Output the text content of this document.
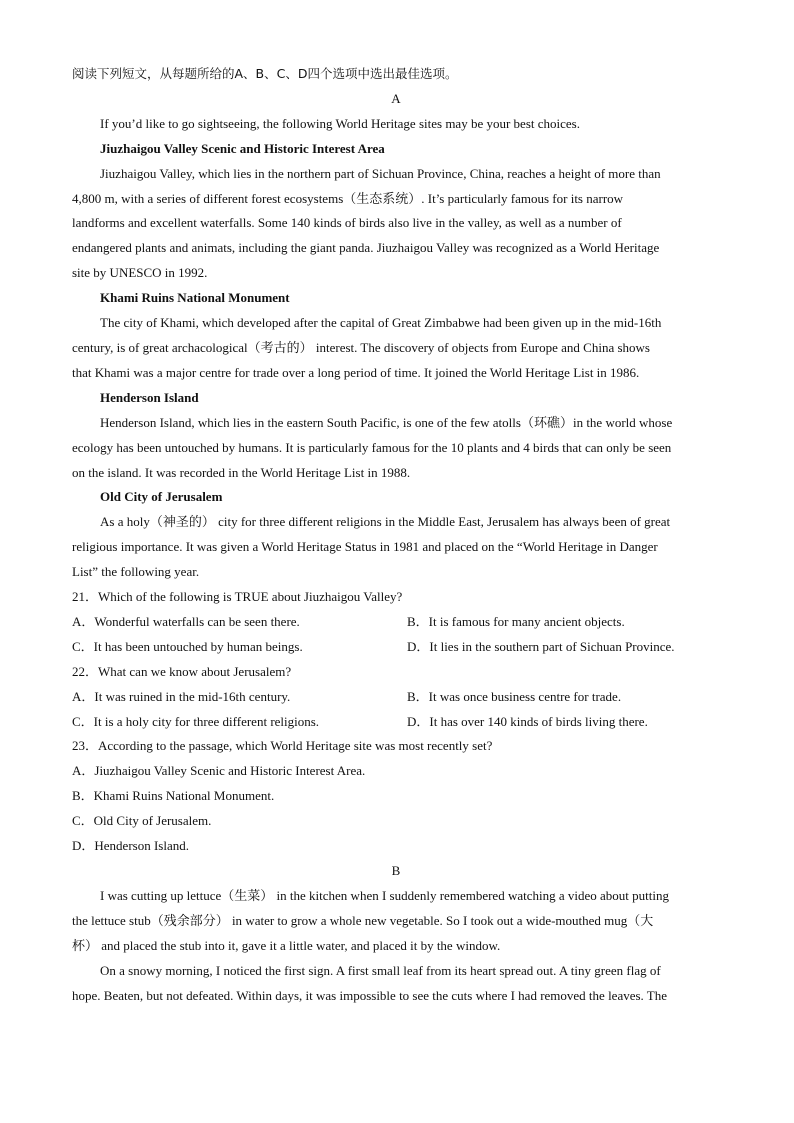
阅读下列短文，从每题所给的A、B、C、D四个选项中选出最佳选项。

A

If you’d like to go sightseeing, the following World Heritage sites may be your best choices.

Jiuzhaigou Valley Scenic and Historic Interest Area

Jiuzhaigou Valley, which lies in the northern part of Sichuan Province, China, reaches a height of more than

4,800 m, with a series of different forest ecosystems（生态系统）. It’s particularly famous for its narrow

landforms and excellent waterfalls. Some 140 kinds of birds also live in the valley, as well as a number of

endangered plants and animats, including the giant panda. Jiuzhaigou Valley was recognized as a World Heritage

site by UNESCO in 1992.

Khami Ruins National Monument

The city of Khami, which developed after the capital of Great Zimbabwe had been given up in the mid-16th

century, is of great archacological（考古的） interest. The discovery of objects from Europe and China shows

that Khami was a major centre for trade over a long period of time. It joined the World Heritage List in 1986.

Henderson Island

Henderson Island, which lies in the eastern South Pacific, is one of the few atolls（环礁）in the world whose

ecology has been untouched by humans. It is particularly famous for the 10 plants and 4 birds that can only be seen

on the island. It was recorded in the World Heritage List in 1988.

Old City of Jerusalem

As a holy（神圣的） city for three different religions in the Middle East, Jerusalem has always been of great

religious importance. It was given a World Heritage Status in 1981 and placed on the “World Heritage in Danger

List” the following year.

21．Which of the following is TRUE about Jiuzhaigou Valley?

A．Wonderful waterfalls can be seen there.	B．It is famous for many ancient objects.
C．It has been untouched by human beings.	D．It lies in the southern part of Sichuan Province.

22．What can we know about Jerusalem?

A．It was ruined in the mid-16th century.	B．It was once business centre for trade.
C．It is a holy city for three different religions.	D．It has over 140 kinds of birds living there.

23．According to the passage, which World Heritage site was most recently set?

A．Jiuzhaigou Valley Scenic and Historic Interest Area.

B．Khami Ruins National Monument.

C．Old City of Jerusalem.

D．Henderson Island.

B

I was cutting up lettuce（生菜） in the kitchen when I suddenly remembered watching a video about putting

the lettuce stub（残余部分） in water to grow a whole new vegetable. So I took out a wide-mouthed mug（大

杯） and placed the stub into it, gave it a little water, and placed it by the window.

On a snowy morning, I noticed the first sign. A first small leaf from its heart spread out. A tiny green flag of

hope. Beaten, but not defeated. Within days, it was impossible to see the cuts where I had removed the leaves. The
